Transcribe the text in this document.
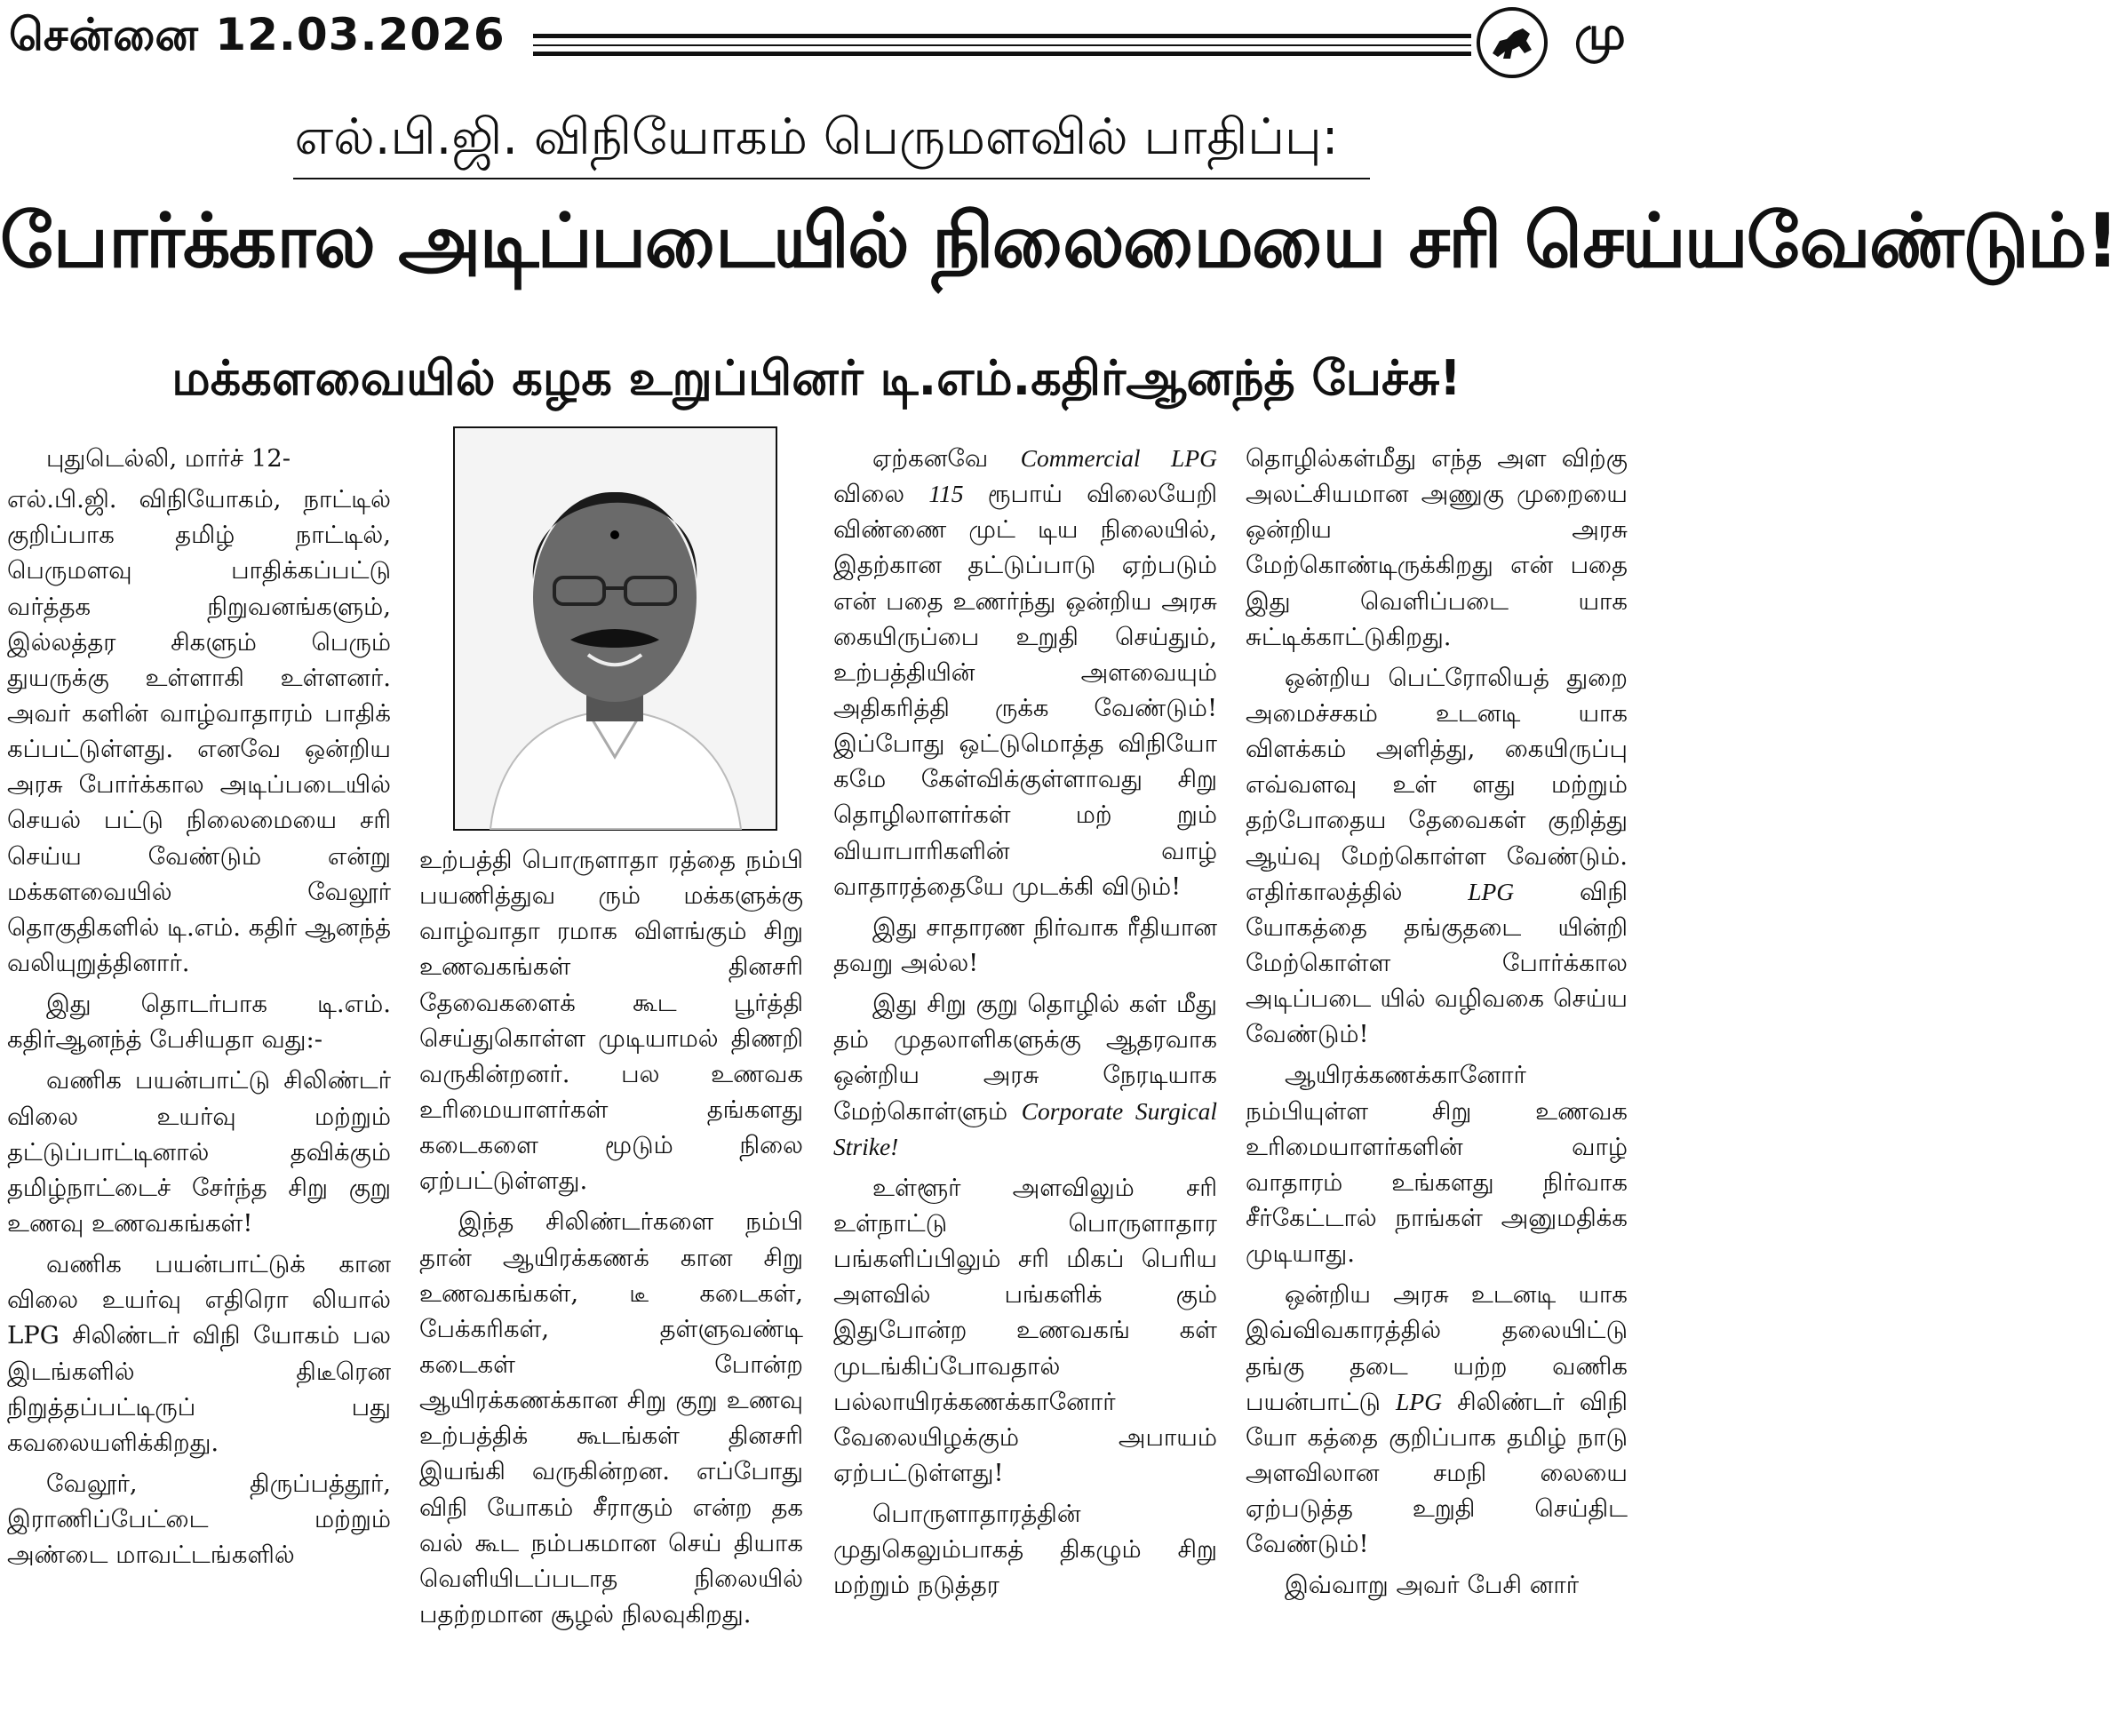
சென்னை 12.03.2026	மு
எல்.பி.ஜி. விநியோகம் பெருமளவில் பாதிப்பு:
போர்க்கால அடிப்படையில் நிலைமையை சரி செய்யவேண்டும்!
மக்களவையில் கழக உறுப்பினர் டி.எம்.கதிர்ஆனந்த் பேச்சு!

புதுடெல்லி, மார்ச் 12-

எல்.பி.ஜி. விநியோகம், நாட்டில் குறிப்பாக தமிழ் நாட்டில், பெருமளவு பாதிக்கப்பட்டு வர்த்தக நிறுவனங்களும், இல்லத்தர சிகளும் பெரும் துயருக்கு உள்ளாகி உள்ளனர். அவர் களின் வாழ்வாதாரம் பாதிக் கப்பட்டுள்ளது. எனவே ஒன்றிய அரசு போர்க்கால அடிப்படையில் செயல் பட்டு நிலைமையை சரி செய்ய வேண்டும் என்று மக்களவையில் வேலூர் தொகுதிகளில் டி.எம். கதிர் ஆனந்த் வலியுறுத்தினார்.

இது தொடர்பாக டி.எம். கதிர்ஆனந்த் பேசியதா வது:-

வணிக பயன்பாட்டு சிலிண்டர் விலை உயர்வு மற்றும் தட்டுப்பாட்டினால் தவிக்கும் தமிழ்நாட்டைச் சேர்ந்த சிறு குறு உணவு உணவகங்கள்!

வணிக பயன்பாட்டுக் கான விலை உயர்வு எதிரொ லியால் LPG சிலிண்டர் விநி யோகம் பல இடங்களில் திடீரென நிறுத்தப்பட்டிருப் பது கவலையளிக்கிறது.

வேலூர், திருப்பத்தூர், இராணிப்பேட்டை மற்றும் அண்டை மாவட்டங்களில்

உற்பத்தி பொருளாதா ரத்தை நம்பி பயணித்துவ ரும் மக்களுக்கு வாழ்வாதா ரமாக விளங்கும் சிறு உணவகங்கள் தினசரி தேவைகளைக் கூட பூர்த்தி செய்துகொள்ள முடியாமல் திணறி வருகின்றனர். பல உணவக உரிமையாளர்கள் தங்களது கடைகளை மூடும் நிலை ஏற்பட்டுள்ளது.

இந்த சிலிண்டர்களை நம்பி தான் ஆயிரக்கணக் கான சிறு உணவகங்கள், டீ கடைகள், பேக்கரிகள், தள்ளுவண்டி கடைகள் போன்ற ஆயிரக்கணக்கான சிறு குறு உணவு உற்பத்திக் கூடங்கள் தினசரி இயங்கி வருகின்றன. எப்போது விநி யோகம் சீராகும் என்ற தக வல் கூட நம்பகமான செய் தியாக வெளியிடப்படாத நிலையில் பதற்றமான சூழல் நிலவுகிறது.

ஏற்கனவே Commercial LPG விலை 115 ரூபாய் விலையேறி விண்ணை முட் டிய நிலையில், இதற்கான தட்டுப்பாடு ஏற்படும் என் பதை உணர்ந்து ஒன்றிய அரசு கையிருப்பை உறுதி செய்தும், உற்பத்தியின் அளவையும் அதிகரித்தி ருக்க வேண்டும்! இப்போது ஒட்டுமொத்த விநியோ கமே கேள்விக்குள்ளாவது சிறு தொழிலாளர்கள் மற் றும் வியாபாரிகளின் வாழ் வாதாரத்தையே முடக்கி விடும்!

இது சாதாரண நிர்வாக ரீதியான தவறு அல்ல!

இது சிறு குறு தொழில் கள் மீது தம் முதலாளிகளுக்கு ஆதரவாக ஒன்றிய அரசு நேரடியாக மேற்கொள்ளும் Corporate Surgical Strike!

உள்ளூர் அளவிலும் சரி உள்நாட்டு பொருளாதார பங்களிப்பிலும் சரி மிகப் பெரிய அளவில் பங்களிக் கும் இதுபோன்ற உணவகங் கள் முடங்கிப்போவதால் பல்லாயிரக்கணக்கானோர் வேலையிழக்கும் அபாயம் ஏற்பட்டுள்ளது!

பொருளாதாரத்தின் முதுகெலும்பாகத் திகழும் சிறு மற்றும் நடுத்தர

தொழில்கள்மீது எந்த அள விற்கு அலட்சியமான அணுகு முறையை ஒன்றிய அரசு மேற்கொண்டிருக்கிறது என் பதை இது வெளிப்படை யாக சுட்டிக்காட்டுகிறது.

ஒன்றிய பெட்ரோலியத் துறை அமைச்சகம் உடனடி யாக விளக்கம் அளித்து, கையிருப்பு எவ்வளவு உள் ளது மற்றும் தற்போதைய தேவைகள் குறித்து ஆய்வு மேற்கொள்ள வேண்டும். எதிர்காலத்தில்	LPG	விநி யோகத்தை தங்குதடை யின்றி மேற்கொள்ள போர்க்கால அடிப்படை யில் வழிவகை செய்ய வேண்டும்!

ஆயிரக்கணக்கானோர் நம்பியுள்ள சிறு உணவக உரிமையாளர்களின் வாழ் வாதாரம் உங்களது நிர்வாக சீர்கேட்டால் நாங்கள் அனுமதிக்க முடியாது.

ஒன்றிய அரசு உடனடி யாக இவ்விவகாரத்தில் தலையிட்டு தங்கு தடை யற்ற வணிக பயன்பாட்டு LPG சிலிண்டர் விநி யோ கத்தை குறிப்பாக தமிழ் நாடு அளவிலான சமநி லையை ஏற்படுத்த உறுதி செய்திட வேண்டும்!

இவ்வாறு அவர் பேசி னார்
